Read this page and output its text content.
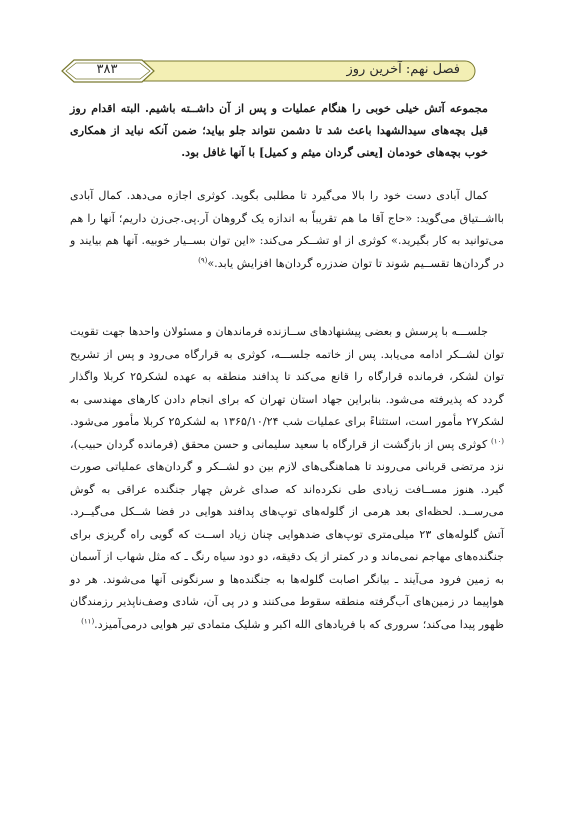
۳۸۳	فصل نهم: آخرین روز

مجموعه آتش خیلی خوبی را هنگام عملیات و پس از آن داشــته باشیم. البته اقدام روز قبل بچه‌های سیدالشهدا باعث شد تا دشمن نتواند جلو بیاید؛ ضمن آنکه نباید از همکاری خوب بچه‌های خودمان [یعنی گردان میثم و کمیل] با آنها غافل بود.

کمال آبادی دست خود را بالا می‌گیرد تا مطلبی بگوید. کوثری اجازه می‌دهد. کمال آبادی بااشــتیاق می‌گوید: «حاج آقا ما هم تقریباً به اندازه یک گروهان آر.پی.جی‌زن داریم؛ آنها را هم می‌توانید به کار بگیرید.» کوثری از او تشــکر می‌کند: «این توان بســیار خوبیه. آنها هم بیایند و در گردان‌ها تقســیم شوند تا توان ضدزره گردان‌ها افزایش یابد.»$^{(۹)}$

جلســـه با پرسش و بعضی پیشنهادهای ســازنده فرماندهان و مسئولان واحدها جهت تقویت توان لشــکر ادامه می‌یابد. پس از خاتمه جلســـه، کوثری به قرارگاه می‌رود و پس از تشریح توان لشکر، فرمانده قرارگاه را قانع می‌کند تا پدافند منطقه به عهده لشکر۲۵ کربلا واگذار گردد که پذیرفته می‌شود. بنابراین جهاد استان تهران که برای انجام دادن کارهای مهندسی به لشکر۲۷ مأمور است، استثناءً برای عملیات شب ۱۳۶۵/۱۰/۲۴ به لشکر۲۵ کربلا مأمور می‌شود.$^{(۱۰)}$ کوثری پس از بازگشت از قرارگاه با سعید سلیمانی و حسن محقق (فرمانده گردان حبیب)، نزد مرتضی قربانی می‌روند تا هماهنگی‌های لازم بین دو لشــکر و گردان‌های عملیاتی صورت گیرد. هنوز مســافت زیادی طی نکرده‌اند که صدای غرش چهار جنگنده عراقی به گوش می‌رســد. لحظه‌ای بعد هرمی از گلوله‌های توپ‌های پدافند هوایی در فضا شــکل می‌گیــرد. آتش گلوله‌های ۲۳ میلی‌متری توپ‌های ضدهوایی چنان زیاد اســت که گویی راه گریزی برای جنگنده‌های مهاجم نمی‌ماند و در کمتر از یک دقیقه، دو دود سیاه رنگ ـ که مثل شهاب از آسمان به زمین فرود می‌آیند ـ بیانگر اصابت گلوله‌ها به جنگنده‌ها و سرنگونی آنها می‌شوند. هر دو هواپیما در زمین‌های آب‌گرفته منطقه سقوط می‌کنند و در پی آن، شادی وصف‌ناپذیر رزمندگان ظهور پیدا می‌کند؛ سروری که با فریادهای الله اکبر و شلیک متمادی تیر هوایی درمی‌آمیزد.$^{(۱۱)}$
